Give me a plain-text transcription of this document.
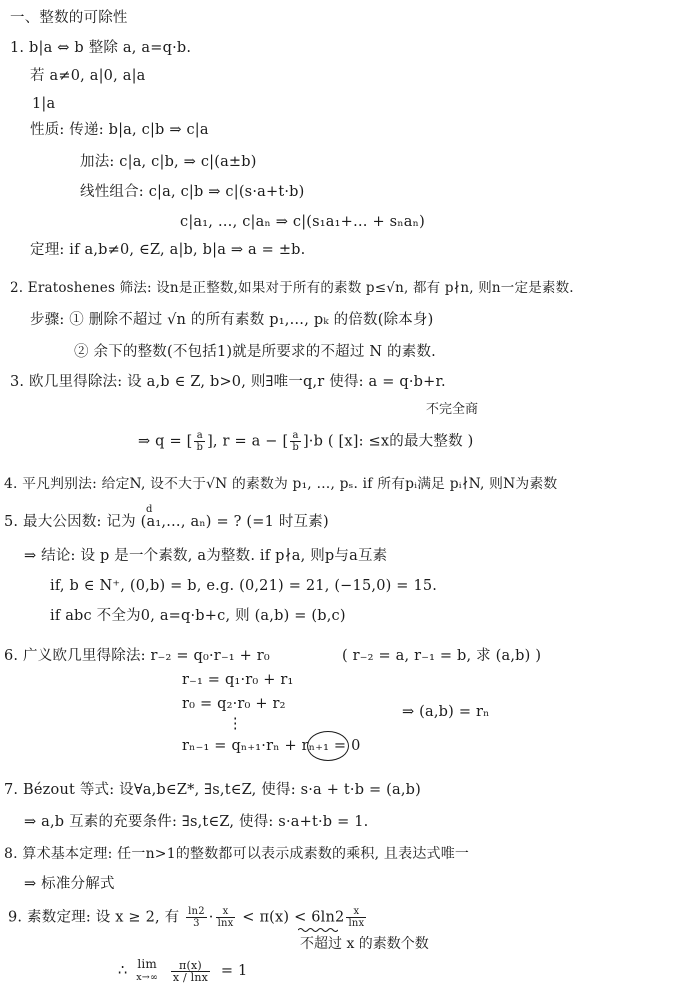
一、整数的可除性
1. b|a ⇔ b 整除 a, a=q·b.
若 a≠0, a|0, a|a
1|a
性质: 传递: b|a, c|b ⇒ c|a
加法: c|a, c|b, ⇒ c|(a±b)
线性组合: c|a, c|b ⇒ c|(s·a+t·b)
c|a₁, …, c|aₙ ⇒ c|(s₁a₁+… + sₙaₙ)
定理: if a,b≠0, ∈Z, a|b, b|a ⇒ a = ±b.
2. Eratoshenes 筛法: 设n是正整数,如果对于所有的素数 p≤√n, 都有 p∤n, 则n一定是素数.
步骤: ① 删除不超过 √n 的所有素数 p₁,…, pₖ 的倍数(除本身)
② 余下的整数(不包括1)就是所要求的不超过 N 的素数.
3. 欧几里得除法: 设 a,b ∈ Z, b>0, 则∃唯一q,r 使得: a = q·b+r.
不完全商
⇒ q = [ $\frac{a}{b}$ ], r = a − [ $\frac{a}{b} ]\cdot b$ ( [x]: ≤x的最大整数 )
4. 平凡判别法: 给定N, 设不大于√N 的素数为 p₁, …, pₛ. if 所有pᵢ满足 pᵢ∤N, 则N为素数
5. 最大公因数: 记为 (a₁,…, aₙ) = ? (=1 时互素)
d
⇒ 结论: 设 p 是一个素数, a为整数. if p∤a, 则p与a互素
if, b ∈ N⁺, (0,b) = b, e.g. (0,21) = 21, (−15,0) = 15.
if abc 不全为0, a=q·b+c, 则 (a,b) = (b,c)
6. 广义欧几里得除法: r₋₂ = q₀·r₋₁ + r₀	( r₋₂ = a, r₋₁ = b, 求 (a,b) )
r₋₁ = q₁·r₀ + r₁
r₀ = q₂·r₀ + r₂
⋮
rₙ₋₁ = qₙ₊₁·rₙ + rₙ₊₁ = 0
⇒ (a,b) = rₙ
7. Bézout 等式: 设∀a,b∈Z*, ∃s,t∈Z, 使得: s·a + t·b = (a,b)
⇒ a,b 互素的充要条件: ∃s,t∈Z, 使得: s·a+t·b = 1.
8. 算术基本定理: 任一n>1的整数都可以表示成素数的乘积, 且表达式唯一
⇒ 标准分解式
9. 素数定理: 设 x ≥ 2, 有 $\frac{\ln 2}{3} \cdot \frac{x}{\ln x} < \pi(x) < 6\ln 2 \frac{x}{\ln x}$
不超过 x 的素数个数
∴ lim
x→∞
$\frac{\pi(x)}{x / \ln x} = 1$
